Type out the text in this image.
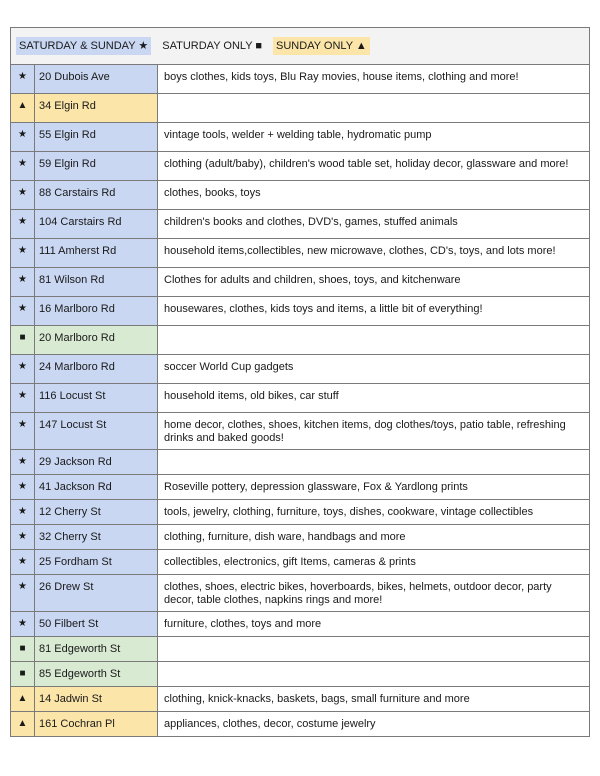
SATURDAY & SUNDAY ★ SATURDAY ONLY ■ SUNDAY ONLY ▲
★	20 Dubois Ave	boys clothes, kids toys, Blu Ray movies, house items, clothing and more!
▲	34 Elgin Rd
★	55 Elgin Rd	vintage tools, welder + welding table, hydromatic pump
★	59 Elgin Rd	clothing (adult/baby), children's wood table set, holiday decor, glassware and more!
★	88 Carstairs Rd	clothes, books, toys
★	104 Carstairs Rd	children's books and clothes, DVD's, games, stuffed animals
★	111 Amherst Rd	household items,collectibles, new microwave, clothes, CD's, toys, and lots more!
★	81 Wilson Rd	Clothes for adults and children, shoes, toys, and kitchenware
★	16 Marlboro Rd	housewares, clothes, kids toys and items, a little bit of everything!
■	20 Marlboro Rd
★	24 Marlboro Rd	soccer World Cup gadgets
★	116 Locust St	household items, old bikes, car stuff
★	147 Locust St	home decor, clothes, shoes, kitchen items, dog clothes/toys, patio table, refreshing drinks and baked goods!
★	29 Jackson Rd
★	41 Jackson Rd	Roseville pottery, depression glassware, Fox & Yardlong prints
★	12 Cherry St	tools, jewelry, clothing, furniture, toys, dishes, cookware, vintage collectibles
★	32 Cherry St	clothing, furniture, dish ware, handbags and more
★	25 Fordham St	collectibles, electronics, gift Items, cameras & prints
★	26 Drew St	clothes, shoes, electric bikes, hoverboards, bikes, helmets, outdoor decor, party decor, table clothes, napkins rings and more!
★	50 Filbert St	furniture, clothes, toys and more
■	81 Edgeworth St
■	85 Edgeworth St
▲	14 Jadwin St	clothing, knick-knacks, baskets, bags, small furniture and more
▲	161 Cochran Pl	appliances, clothes, decor, costume jewelry
